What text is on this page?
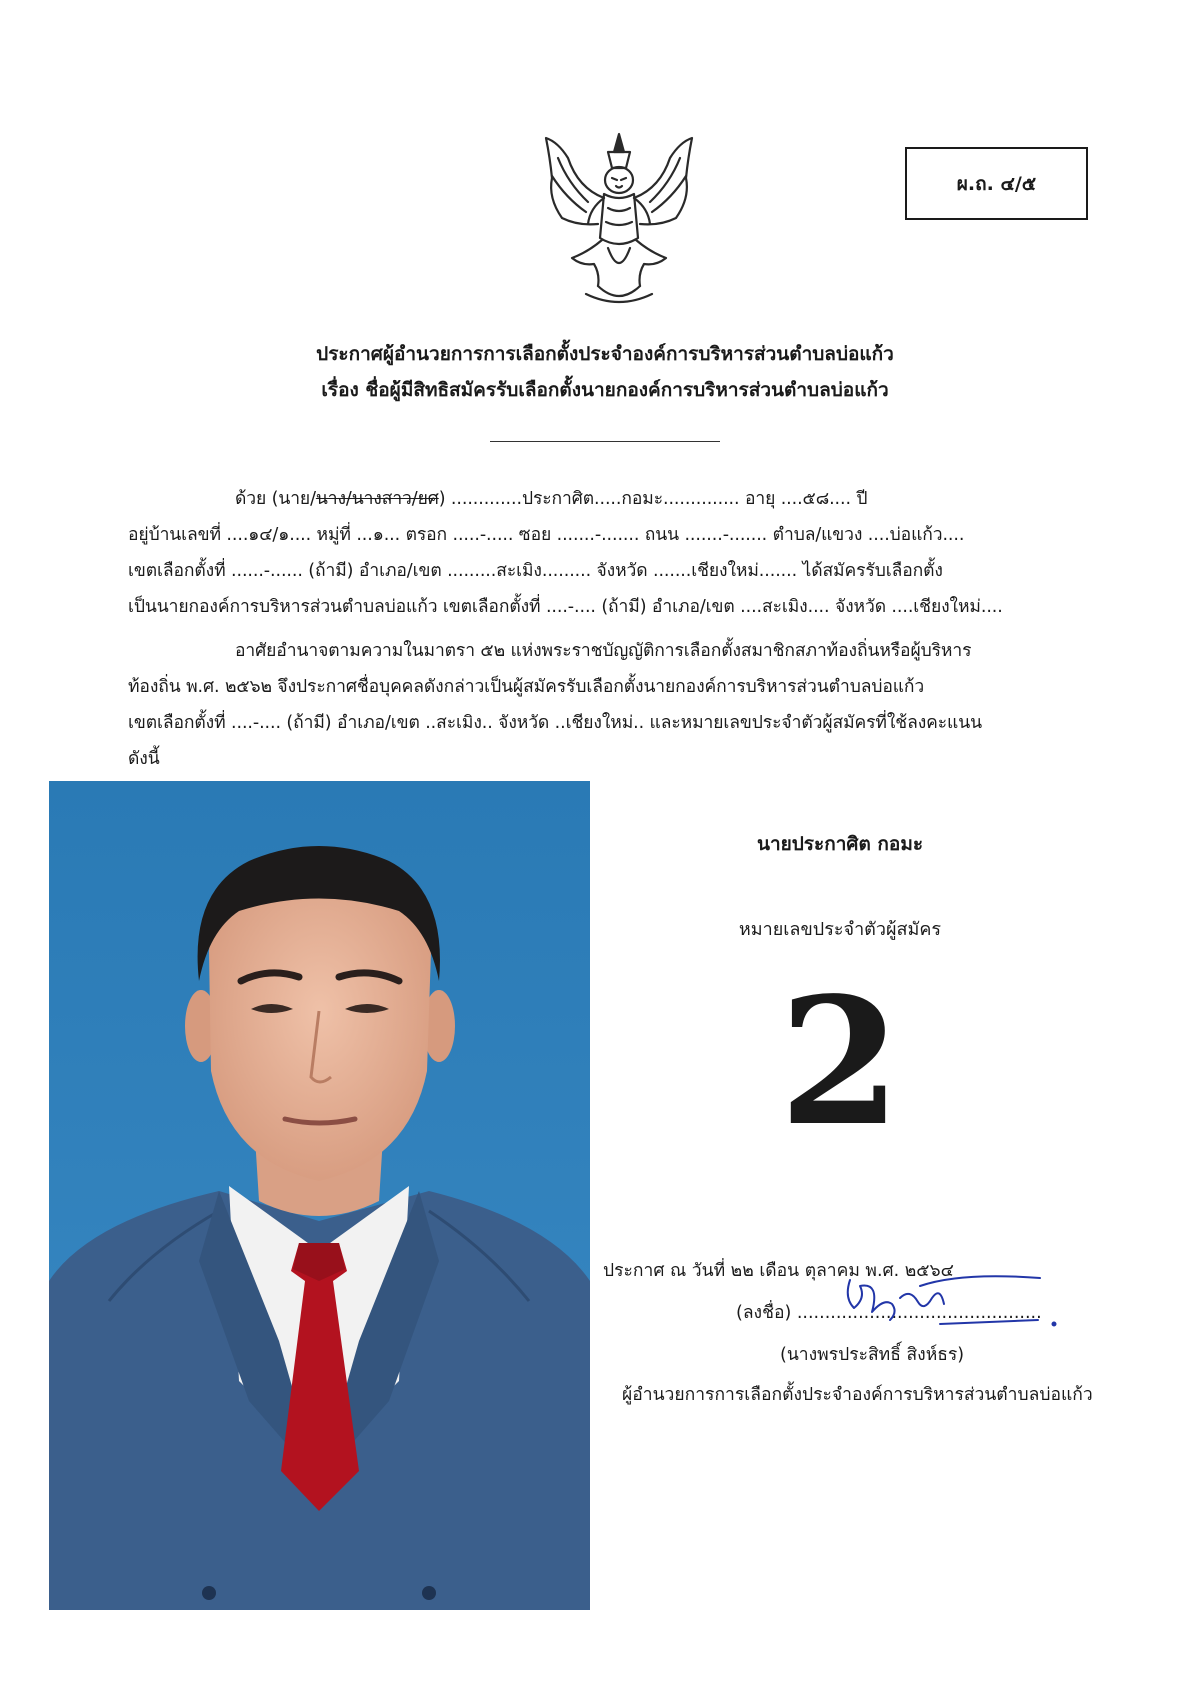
ผ.ถ. ๔/๕
ประกาศผู้อำนวยการการเลือกตั้งประจำองค์การบริหารส่วนตำบลบ่อแก้ว
เรื่อง ชื่อผู้มีสิทธิสมัครรับเลือกตั้งนายกองค์การบริหารส่วนตำบลบ่อแก้ว
ด้วย (นาย/นาง/นางสาว/ยศ) .............ประกาศิต.....กอมะ.............. อายุ ....๕๘.... ปี
อยู่บ้านเลขที่ ....๑๔/๑.... หมู่ที่ ...๑... ตรอก .....-..... ซอย .......-....... ถนน .......-....... ตำบล/แขวง ....บ่อแก้ว....
เขตเลือกตั้งที่ ......-...... (ถ้ามี) อำเภอ/เขต .........สะเมิง......... จังหวัด .......เชียงใหม่....... ได้สมัครรับเลือกตั้ง
เป็นนายกองค์การบริหารส่วนตำบลบ่อแก้ว เขตเลือกตั้งที่ ....-.... (ถ้ามี) อำเภอ/เขต ....สะเมิง.... จังหวัด ....เชียงใหม่....
อาศัยอำนาจตามความในมาตรา ๕๒ แห่งพระราชบัญญัติการเลือกตั้งสมาชิกสภาท้องถิ่นหรือผู้บริหาร
ท้องถิ่น พ.ศ. ๒๕๖๒ จึงประกาศชื่อบุคคลดังกล่าวเป็นผู้สมัครรับเลือกตั้งนายกองค์การบริหารส่วนตำบลบ่อแก้ว
เขตเลือกตั้งที่ ....-.... (ถ้ามี) อำเภอ/เขต ..สะเมิง.. จังหวัด ..เชียงใหม่.. และหมายเลขประจำตัวผู้สมัครที่ใช้ลงคะแนน
ดังนี้
นายประกาศิต กอมะ
หมายเลขประจำตัวผู้สมัคร
2
ประกาศ ณ วันที่ ๒๒ เดือน ตุลาคม พ.ศ. ๒๕๖๔
(ลงชื่อ) ............................................
(นางพรประสิทธิ์ สิงห์ธร)
ผู้อำนวยการการเลือกตั้งประจำองค์การบริหารส่วนตำบลบ่อแก้ว
